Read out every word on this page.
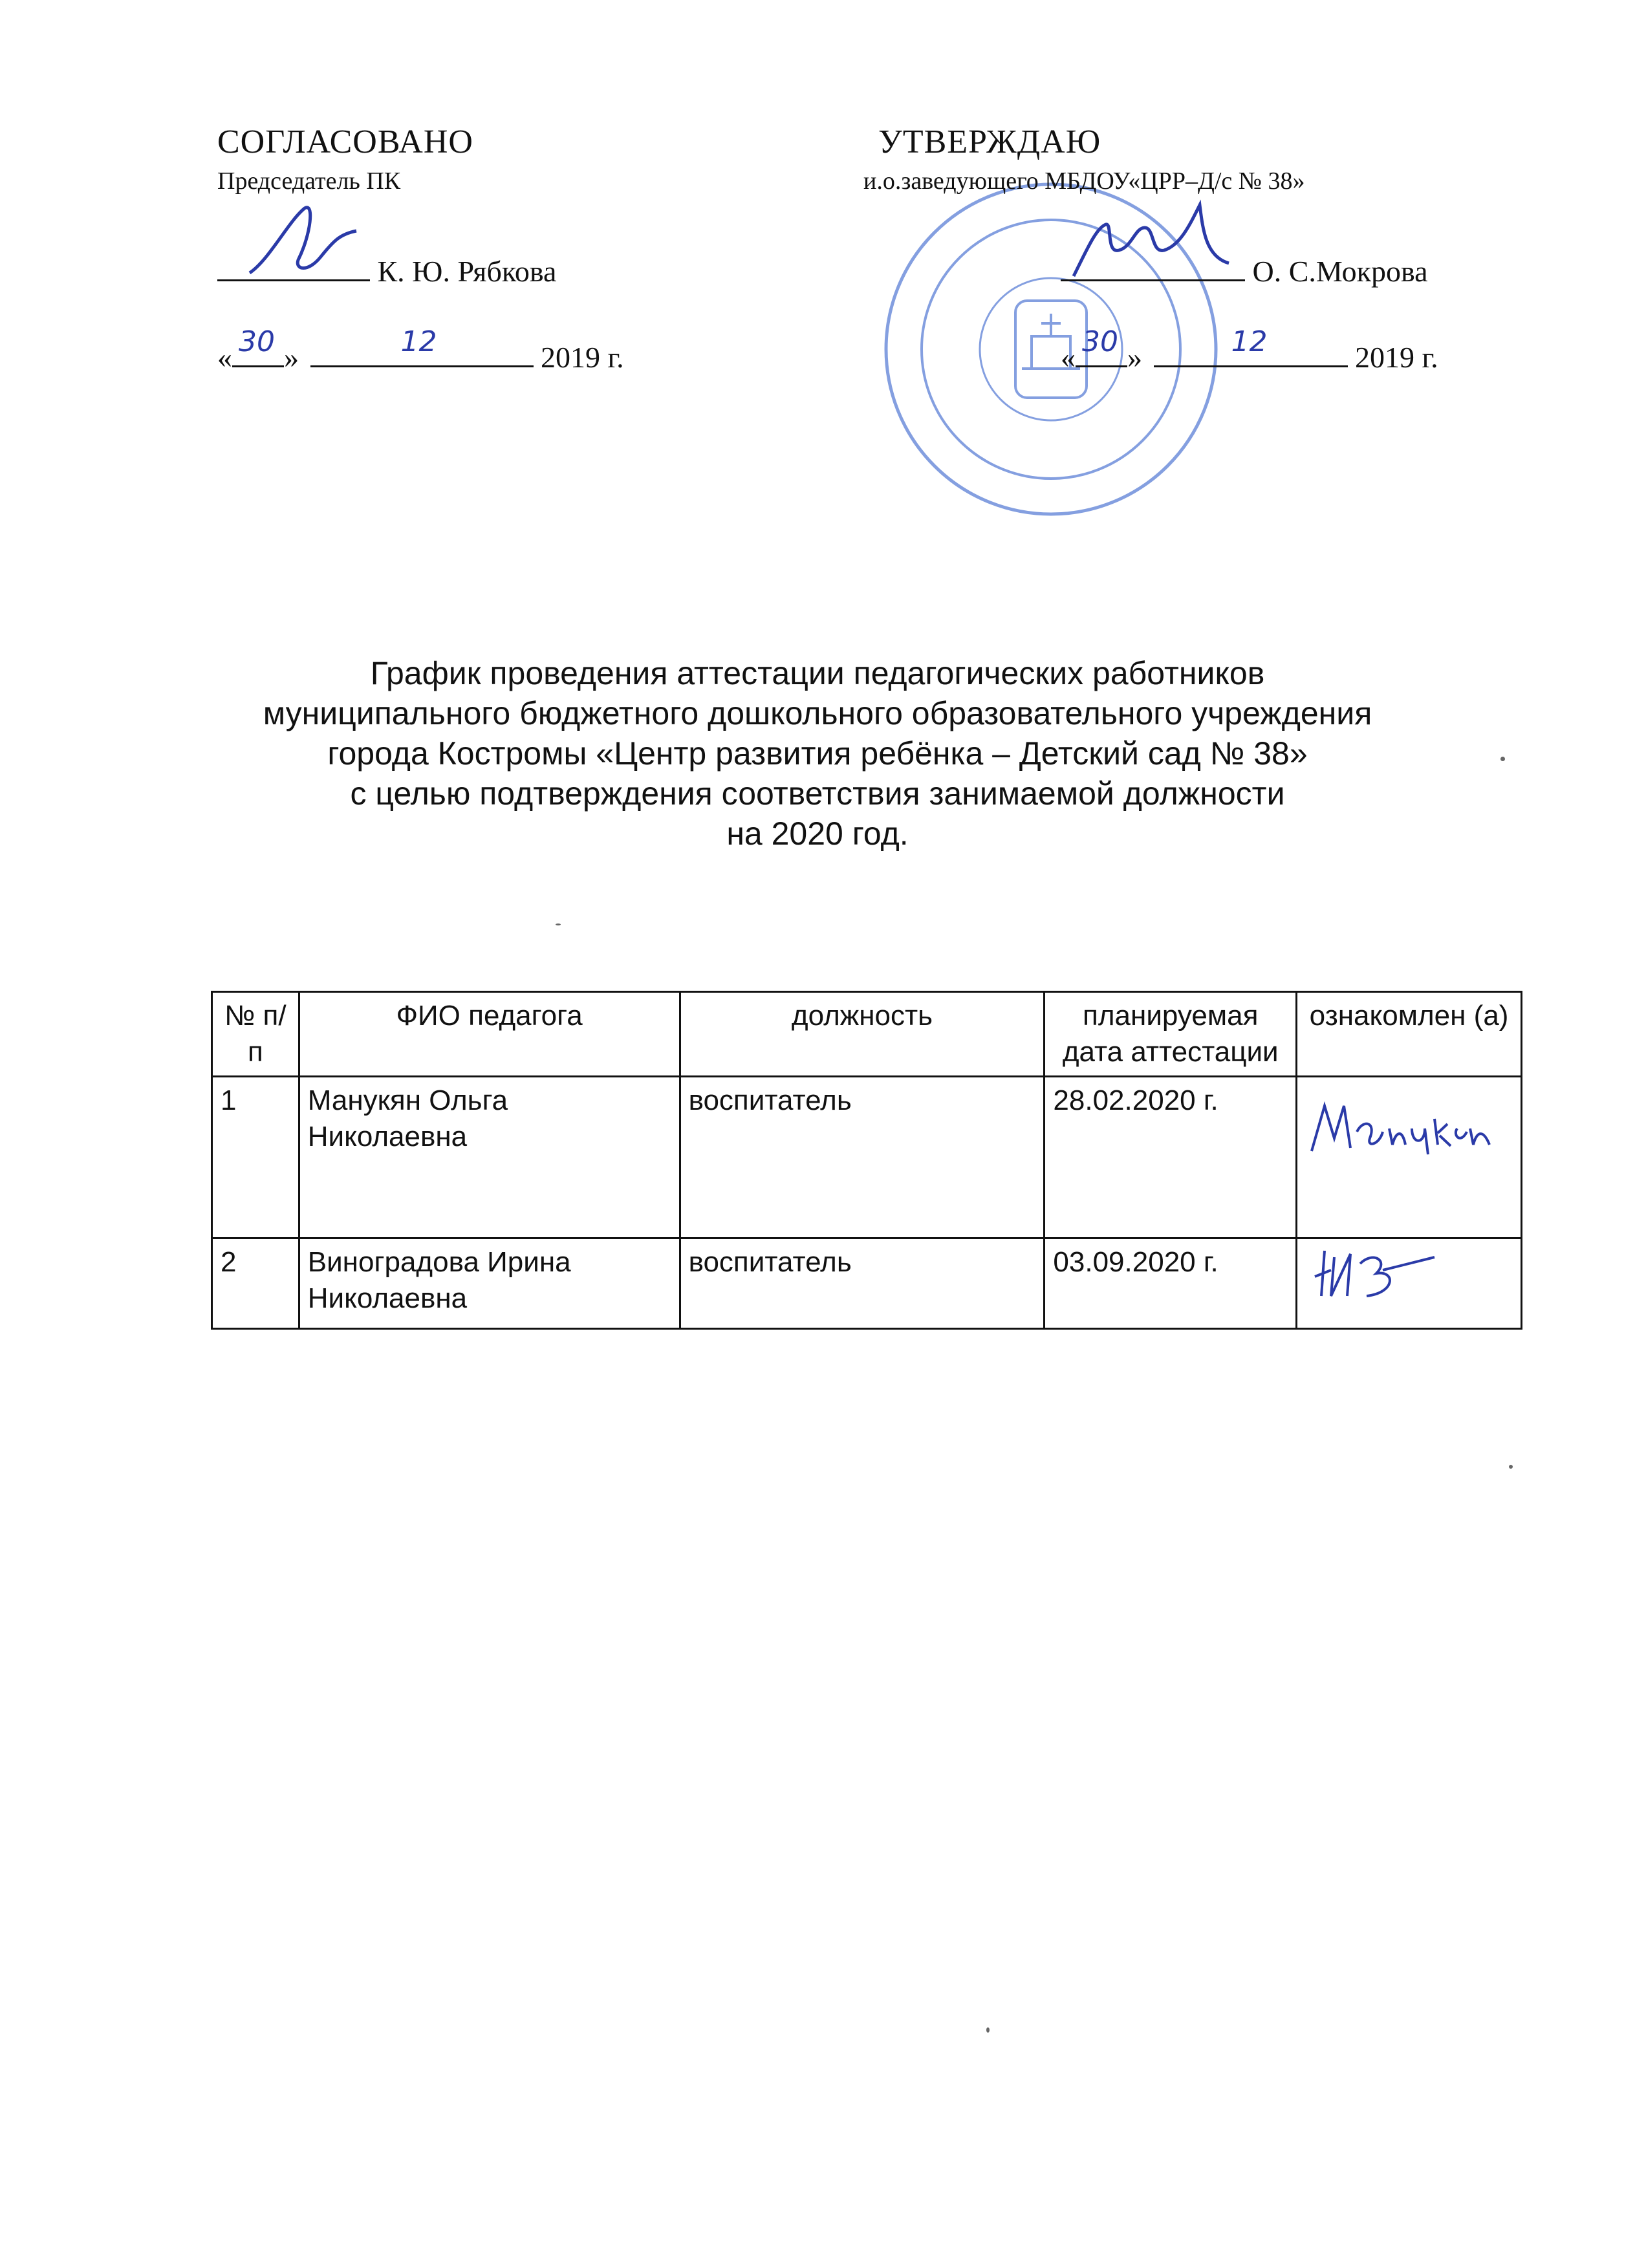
СОГЛАСОВАНО
Председатель ПК
К. Ю. Рябкова
« 30 »	12	2019 г.
УТВЕРЖДАЮ
и.о.заведующего МБДОУ«ЦРР–Д/с № 38»
О. С.Мокрова
« 30 »	12	2019 г.
График проведения аттестации педагогических работников
муниципального бюджетного дошкольного образовательного учреждения
города Костромы «Центр развития ребёнка – Детский сад № 38»
с целью подтверждения соответствия занимаемой должности
на 2020 год.
№ п/п	ФИО педагога	должность	планируемая дата аттестации	ознакомлен (а)
1	Манукян Ольга Николаевна	воспитатель	28.02.2020 г.	

2	Виноградова Ирина Николаевна	воспитатель	03.09.2020 г.	
